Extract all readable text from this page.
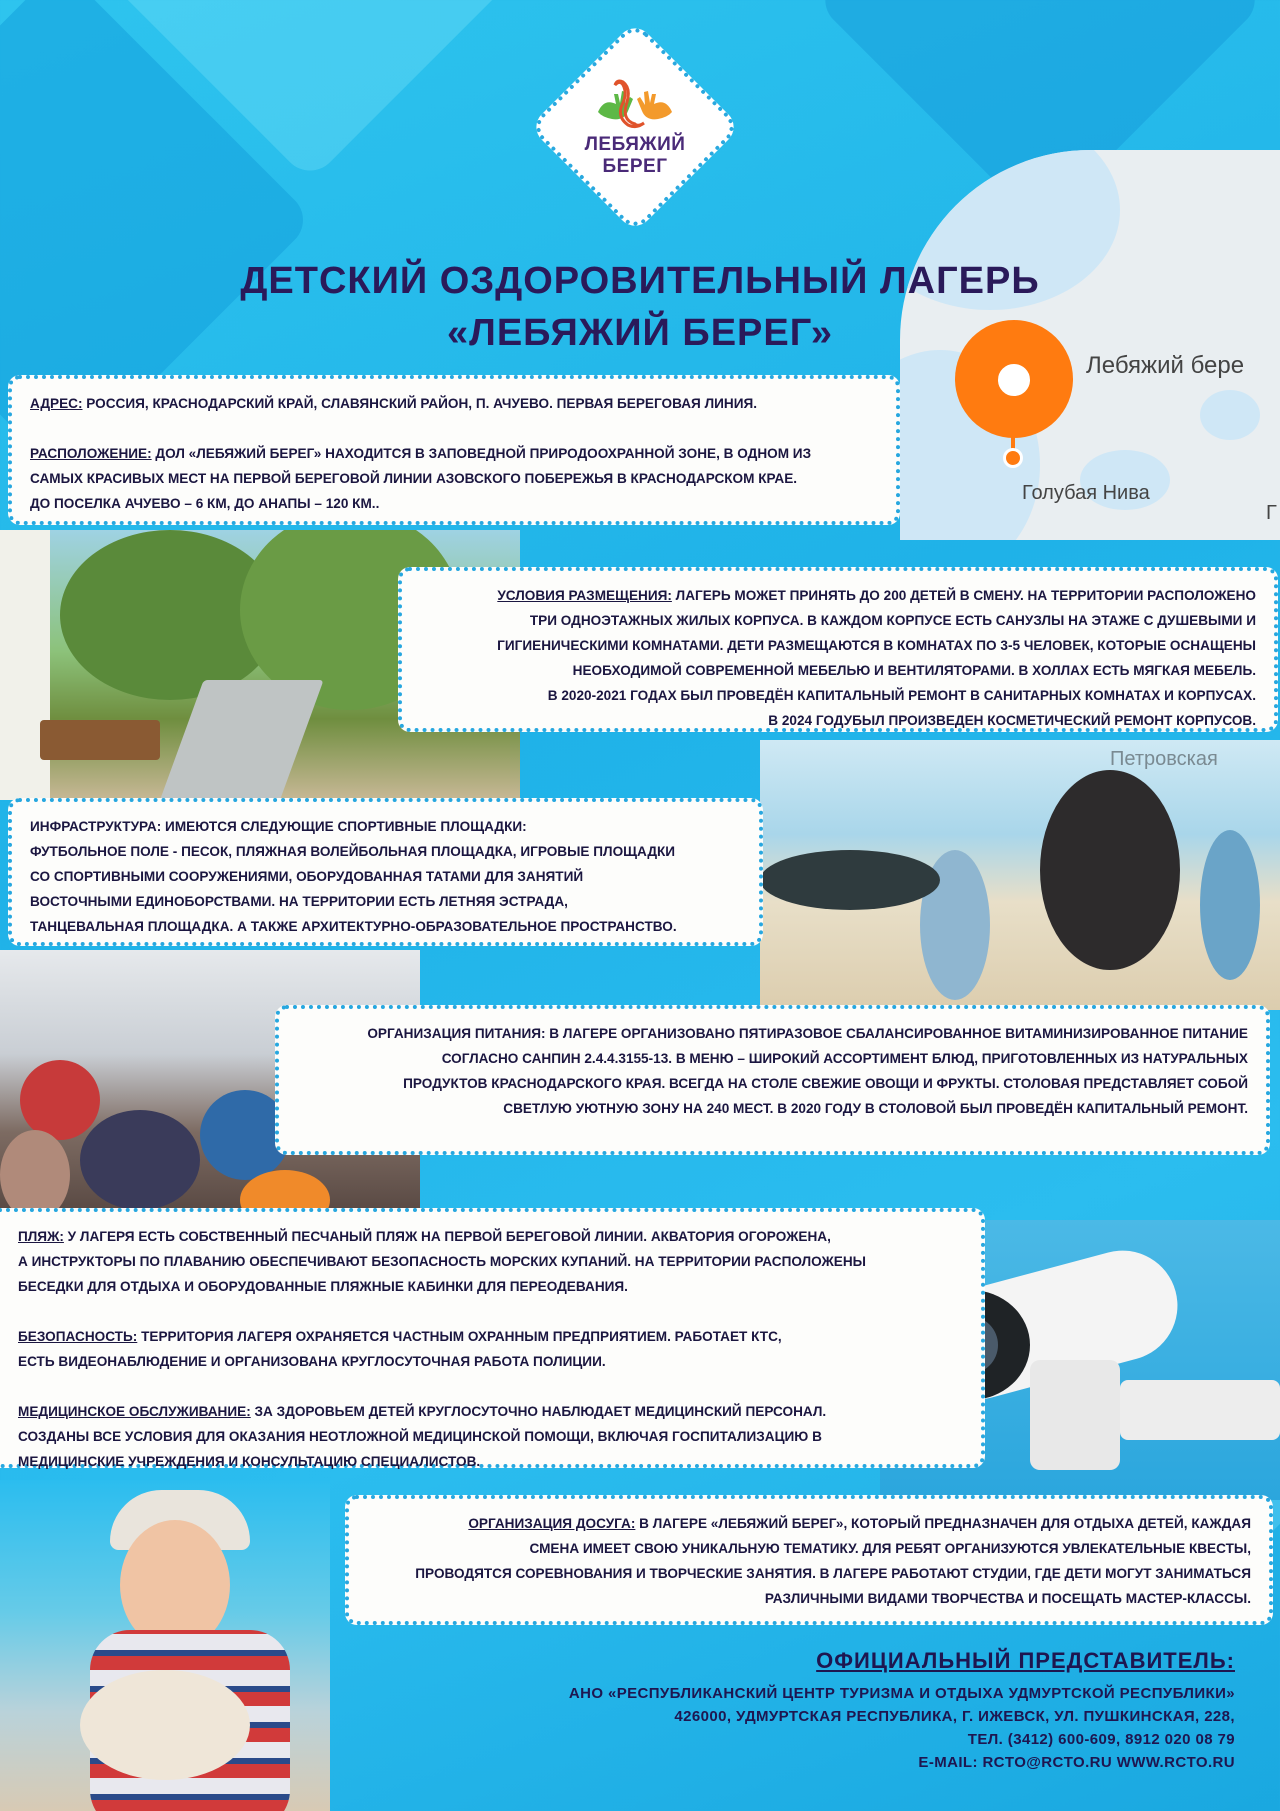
ЛЕБЯЖИЙ
БЕРЕГ
Лебяжий бере
Голубая Нива
Г
ДЕТСКИЙ ОЗДОРОВИТЕЛЬНЫЙ ЛАГЕРЬ
«ЛЕБЯЖИЙ БЕРЕГ»
Петровская

АДРЕС: РОССИЯ, КРАСНОДАРСКИЙ КРАЙ, СЛАВЯНСКИЙ РАЙОН, П. АЧУЕВО. ПЕРВАЯ БЕРЕГОВАЯ ЛИНИЯ.

РАСПОЛОЖЕНИЕ: ДОЛ «ЛЕБЯЖИЙ БЕРЕГ» НАХОДИТСЯ В ЗАПОВЕДНОЙ ПРИРОДООХРАННОЙ ЗОНЕ, В ОДНОМ ИЗ

САМЫХ КРАСИВЫХ МЕСТ НА ПЕРВОЙ БЕРЕГОВОЙ ЛИНИИ АЗОВСКОГО ПОБЕРЕЖЬЯ В КРАСНОДАРСКОМ КРАЕ.

ДО ПОСЕЛКА АЧУЕВО – 6 КМ, ДО АНАПЫ – 120 КМ..

УСЛОВИЯ РАЗМЕЩЕНИЯ: ЛАГЕРЬ МОЖЕТ ПРИНЯТЬ ДО 200 ДЕТЕЙ В СМЕНУ. НА ТЕРРИТОРИИ РАСПОЛОЖЕНО

ТРИ ОДНОЭТАЖНЫХ ЖИЛЫХ КОРПУСА. В КАЖДОМ КОРПУСЕ ЕСТЬ САНУЗЛЫ НА ЭТАЖЕ С ДУШЕВЫМИ И

ГИГИЕНИЧЕСКИМИ КОМНАТАМИ. ДЕТИ РАЗМЕЩАЮТСЯ В КОМНАТАХ ПО 3-5 ЧЕЛОВЕК, КОТОРЫЕ ОСНАЩЕНЫ

НЕОБХОДИМОЙ СОВРЕМЕННОЙ МЕБЕЛЬЮ И ВЕНТИЛЯТОРАМИ. В ХОЛЛАХ ЕСТЬ МЯГКАЯ МЕБЕЛЬ.

В 2020-2021 ГОДАХ БЫЛ ПРОВЕДЁН КАПИТАЛЬНЫЙ РЕМОНТ В САНИТАРНЫХ КОМНАТАХ И КОРПУСАХ.

В 2024 ГОДУБЫЛ ПРОИЗВЕДЕН КОСМЕТИЧЕСКИЙ РЕМОНТ КОРПУСОВ.

ИНФРАСТРУКТУРА: ИМЕЮТСЯ СЛЕДУЮЩИЕ СПОРТИВНЫЕ ПЛОЩАДКИ:

ФУТБОЛЬНОЕ ПОЛЕ - ПЕСОК, ПЛЯЖНАЯ ВОЛЕЙБОЛЬНАЯ ПЛОЩАДКА, ИГРОВЫЕ ПЛОЩАДКИ

СО СПОРТИВНЫМИ СООРУЖЕНИЯМИ, ОБОРУДОВАННАЯ ТАТАМИ ДЛЯ ЗАНЯТИЙ

ВОСТОЧНЫМИ ЕДИНОБОРСТВАМИ. НА ТЕРРИТОРИИ ЕСТЬ ЛЕТНЯЯ ЭСТРАДА,

ТАНЦЕВАЛЬНАЯ ПЛОЩАДКА. А ТАКЖЕ АРХИТЕКТУРНО-ОБРАЗОВАТЕЛЬНОЕ ПРОСТРАНСТВО.

ОРГАНИЗАЦИЯ ПИТАНИЯ: В ЛАГЕРЕ ОРГАНИЗОВАНО ПЯТИРАЗОВОЕ СБАЛАНСИРОВАННОЕ ВИТАМИНИЗИРОВАННОЕ ПИТАНИЕ

СОГЛАСНО САНПИН 2.4.4.3155-13. В МЕНЮ – ШИРОКИЙ АССОРТИМЕНТ БЛЮД, ПРИГОТОВЛЕННЫХ ИЗ НАТУРАЛЬНЫХ

ПРОДУКТОВ КРАСНОДАРСКОГО КРАЯ. ВСЕГДА НА СТОЛЕ СВЕЖИЕ ОВОЩИ И ФРУКТЫ. СТОЛОВАЯ ПРЕДСТАВЛЯЕТ СОБОЙ

СВЕТЛУЮ УЮТНУЮ ЗОНУ НА 240 МЕСТ. В 2020 ГОДУ В СТОЛОВОЙ БЫЛ ПРОВЕДЁН КАПИТАЛЬНЫЙ РЕМОНТ.

ПЛЯЖ: У ЛАГЕРЯ ЕСТЬ СОБСТВЕННЫЙ ПЕСЧАНЫЙ ПЛЯЖ НА ПЕРВОЙ БЕРЕГОВОЙ ЛИНИИ. АКВАТОРИЯ ОГОРОЖЕНА,

А ИНСТРУКТОРЫ ПО ПЛАВАНИЮ ОБЕСПЕЧИВАЮТ БЕЗОПАСНОСТЬ МОРСКИХ КУПАНИЙ. НА ТЕРРИТОРИИ РАСПОЛОЖЕНЫ

БЕСЕДКИ ДЛЯ ОТДЫХА И ОБОРУДОВАННЫЕ ПЛЯЖНЫЕ КАБИНКИ ДЛЯ ПЕРЕОДЕВАНИЯ.

БЕЗОПАСНОСТЬ: ТЕРРИТОРИЯ ЛАГЕРЯ ОХРАНЯЕТСЯ ЧАСТНЫМ ОХРАННЫМ ПРЕДПРИЯТИЕМ. РАБОТАЕТ КТС,

ЕСТЬ ВИДЕОНАБЛЮДЕНИЕ И ОРГАНИЗОВАНА КРУГЛОСУТОЧНАЯ РАБОТА ПОЛИЦИИ.

МЕДИЦИНСКОЕ ОБСЛУЖИВАНИЕ: ЗА ЗДОРОВЬЕМ ДЕТЕЙ КРУГЛОСУТОЧНО НАБЛЮДАЕТ МЕДИЦИНСКИЙ ПЕРСОНАЛ.

СОЗДАНЫ ВСЕ УСЛОВИЯ ДЛЯ ОКАЗАНИЯ НЕОТЛОЖНОЙ МЕДИЦИНСКОЙ ПОМОЩИ, ВКЛЮЧАЯ ГОСПИТАЛИЗАЦИЮ В

МЕДИЦИНСКИЕ УЧРЕЖДЕНИЯ И КОНСУЛЬТАЦИЮ СПЕЦИАЛИСТОВ.

ОРГАНИЗАЦИЯ ДОСУГА: В ЛАГЕРЕ «ЛЕБЯЖИЙ БЕРЕГ», КОТОРЫЙ ПРЕДНАЗНАЧЕН ДЛЯ ОТДЫХА ДЕТЕЙ, КАЖДАЯ

СМЕНА ИМЕЕТ СВОЮ УНИКАЛЬНУЮ ТЕМАТИКУ. ДЛЯ РЕБЯТ ОРГАНИЗУЮТСЯ УВЛЕКАТЕЛЬНЫЕ КВЕСТЫ,

ПРОВОДЯТСЯ СОРЕВНОВАНИЯ И ТВОРЧЕСКИЕ ЗАНЯТИЯ. В ЛАГЕРЕ РАБОТАЮТ СТУДИИ, ГДЕ ДЕТИ МОГУТ ЗАНИМАТЬСЯ

РАЗЛИЧНЫМИ ВИДАМИ ТВОРЧЕСТВА И ПОСЕЩАТЬ МАСТЕР-КЛАССЫ.

ОФИЦИАЛЬНЫЙ ПРЕДСТАВИТЕЛЬ:

АНО «РЕСПУБЛИКАНСКИЙ ЦЕНТР ТУРИЗМА И ОТДЫХА УДМУРТСКОЙ РЕСПУБЛИКИ»

426000, УДМУРТСКАЯ РЕСПУБЛИКА, Г. ИЖЕВСК, УЛ. ПУШКИНСКАЯ, 228,

ТЕЛ. (3412) 600-609, 8912 020 08 79

E-MAIL: RCTO@RCTO.RU WWW.RCTO.RU
